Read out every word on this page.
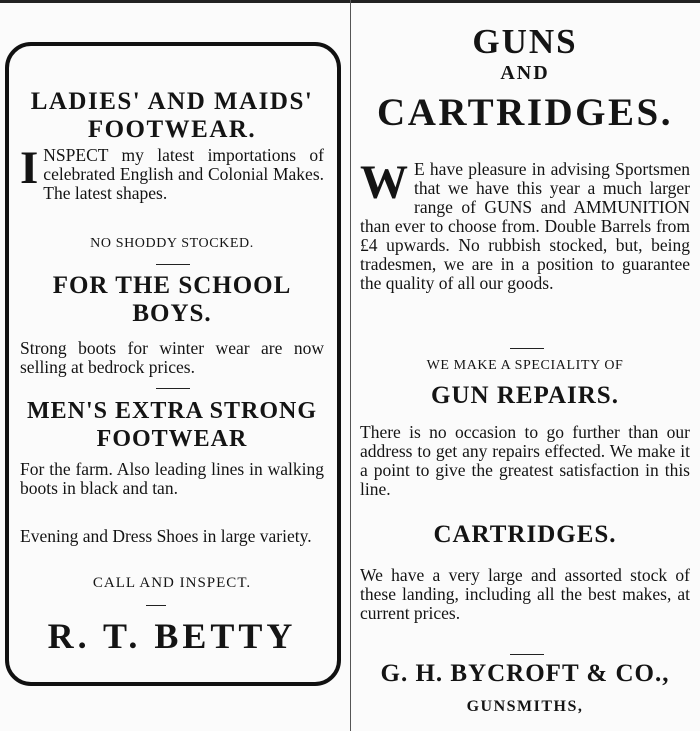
LADIES' AND MAIDS' FOOTWEAR.
I NSPECT my latest importations of celebrated English and Colonial Makes. The latest shapes.
NO SHODDY STOCKED.
FOR THE SCHOOL BOYS.
Strong boots for winter wear are now selling at bedrock prices.
MEN'S EXTRA STRONG FOOTWEAR
For the farm. Also leading lines in walking boots in black and tan.
Evening and Dress Shoes in large variety.
CALL AND INSPECT.
R. T. BETTY
GUNS
AND
CARTRIDGES.
W E have pleasure in advising Sportsmen that we have this year a much larger range of GUNS and AMMUNITION than ever to choose from. Double Barrels from £4 upwards. No rubbish stocked, but, being tradesmen, we are in a position to guarantee the quality of all our goods.
WE MAKE A SPECIALITY OF
GUN REPAIRS.
There is no occasion to go further than our address to get any repairs effected. We make it a point to give the greatest satisfaction in this line.
CARTRIDGES.
We have a very large and assorted stock of these landing, including all the best makes, at current prices.
G. H. BYCROFT & CO.,
GUNSMITHS,
